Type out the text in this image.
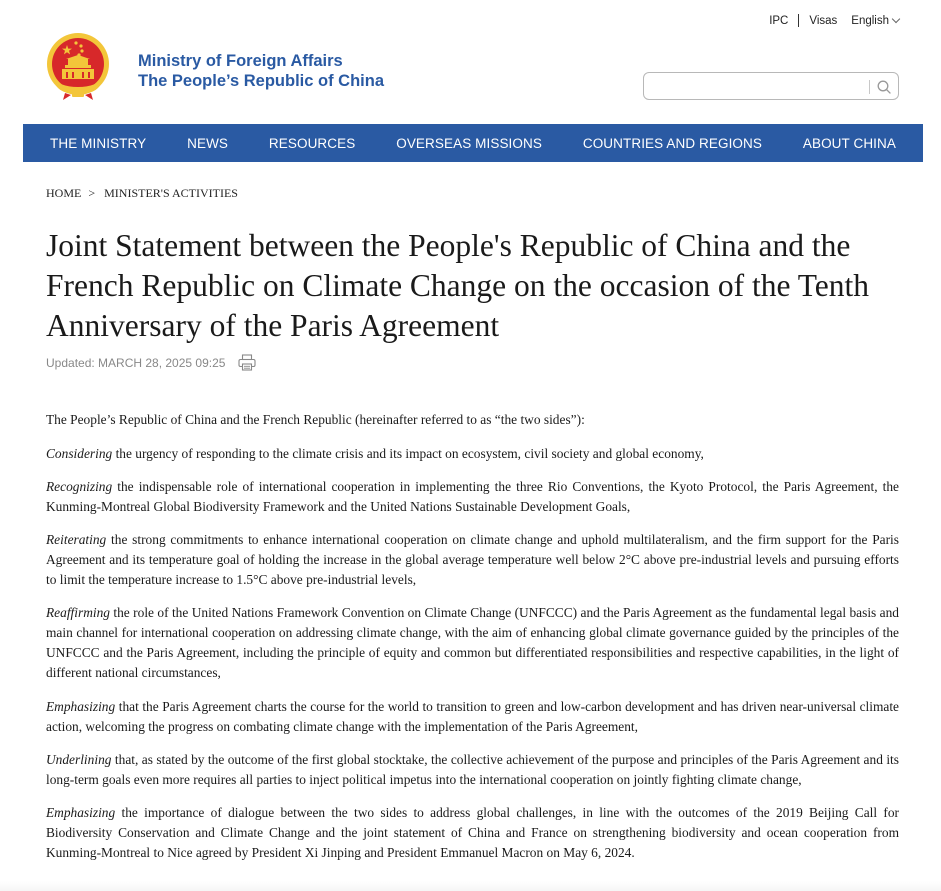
IPC Visas English
Ministry of Foreign Affairs
The People’s Republic of China
THE MINISTRY	NEWS	RESOURCES	OVERSEAS MISSIONS	COUNTRIES AND REGIONS	ABOUT CHINA
HOME > MINISTER'S ACTIVITIES
Joint Statement between the People's Republic of China and the French Republic on Climate Change on the occasion of the Tenth Anniversary of the Paris Agreement
Updated: MARCH 28, 2025 09:25

The People’s Republic of China and the French Republic (hereinafter referred to as “the two sides”):

Considering the urgency of responding to the climate crisis and its impact on ecosystem, civil society and global economy,

Recognizing the indispensable role of international cooperation in implementing the three Rio Conventions, the Kyoto Protocol, the Paris Agreement, the Kunming-Montreal Global Biodiversity Framework and the United Nations Sustainable Development Goals,

Reiterating the strong commitments to enhance international cooperation on climate change and uphold multilateralism, and the firm support for the Paris Agreement and its temperature goal of holding the increase in the global average temperature well below 2°C above pre-industrial levels and pursuing efforts to limit the temperature increase to 1.5°C above pre-industrial levels,

Reaffirming the role of the United Nations Framework Convention on Climate Change (UNFCCC) and the Paris Agreement as the fundamental legal basis and main channel for international cooperation on addressing climate change, with the aim of enhancing global climate governance guided by the principles of the UNFCCC and the Paris Agreement, including the principle of equity and common but differentiated responsibilities and respective capabilities, in the light of different national circumstances,

Emphasizing that the Paris Agreement charts the course for the world to transition to green and low-carbon development and has driven near-universal climate action, welcoming the progress on combating climate change with the implementation of the Paris Agreement,

Underlining that, as stated by the outcome of the first global stocktake, the collective achievement of the purpose and principles of the Paris Agreement and its long-term goals even more requires all parties to inject political impetus into the international cooperation on jointly fighting climate change,

Emphasizing the importance of dialogue between the two sides to address global challenges, in line with the outcomes of the 2019 Beijing Call for Biodiversity Conservation and Climate Change and the joint statement of China and France on strengthening biodiversity and ocean cooperation from Kunming-Montreal to Nice agreed by President Xi Jinping and President Emmanuel Macron on May 6, 2024.
